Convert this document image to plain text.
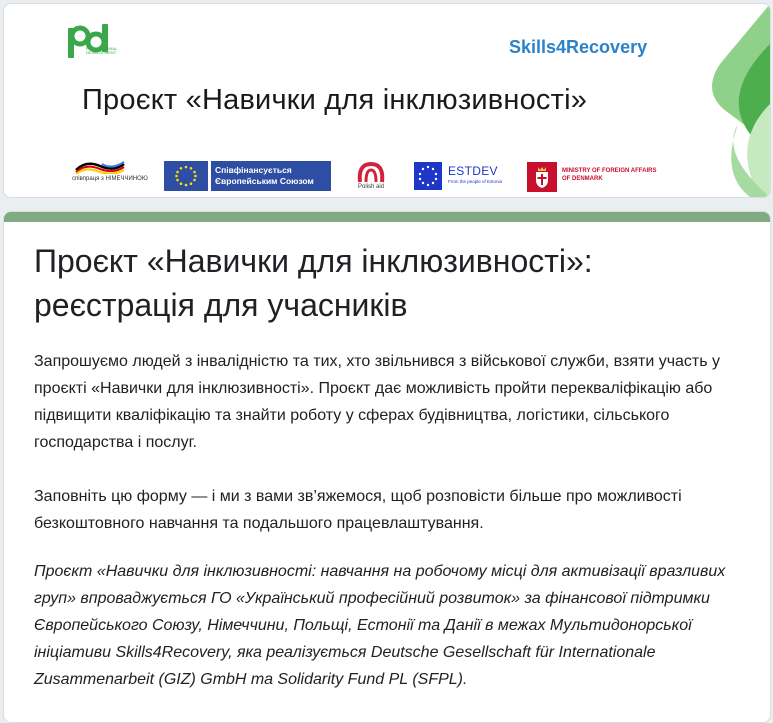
PROFESSIONAL
DEVELOPMENT	Skills4Recovery
Проєкт «Навички для інклюзивності»
співпраця з НІМЕЧЧИНОЮ
Співфінансується Європейським Союзом
Polish aid
ESTDEV
From the people of Estonia
MINISTRY OF FOREIGN AFFAIRS OF DENMARK
Проєкт «Навички для інклюзивності»: реєстрація для учасників
Запрошуємо людей з інвалідністю та тих, хто звільнився з військової служби, взяти участь у проєкті «Навички для інклюзивності». Проєкт дає можливість пройти перекваліфікацію або підвищити кваліфікацію та знайти роботу у сферах будівництва, логістики, сільського господарства і послуг.
Заповніть цю форму — і ми з вами зв’яжемося, щоб розповісти більше про можливості безкоштовного навчання та подальшого працевлаштування.
Проєкт «Навички для інклюзивності: навчання на робочому місці для активізації вразливих груп» впроваджується ГО «Український професійний розвиток» за фінансової підтримки Європейського Союзу, Німеччини, Польщі, Естонії та Данії в межах Мультидонорської ініціативи Skills4Recovery, яка реалізується Deutsche Gesellschaft für Internationale Zusammenarbeit (GIZ) GmbH та Solidarity Fund PL (SFPL).
